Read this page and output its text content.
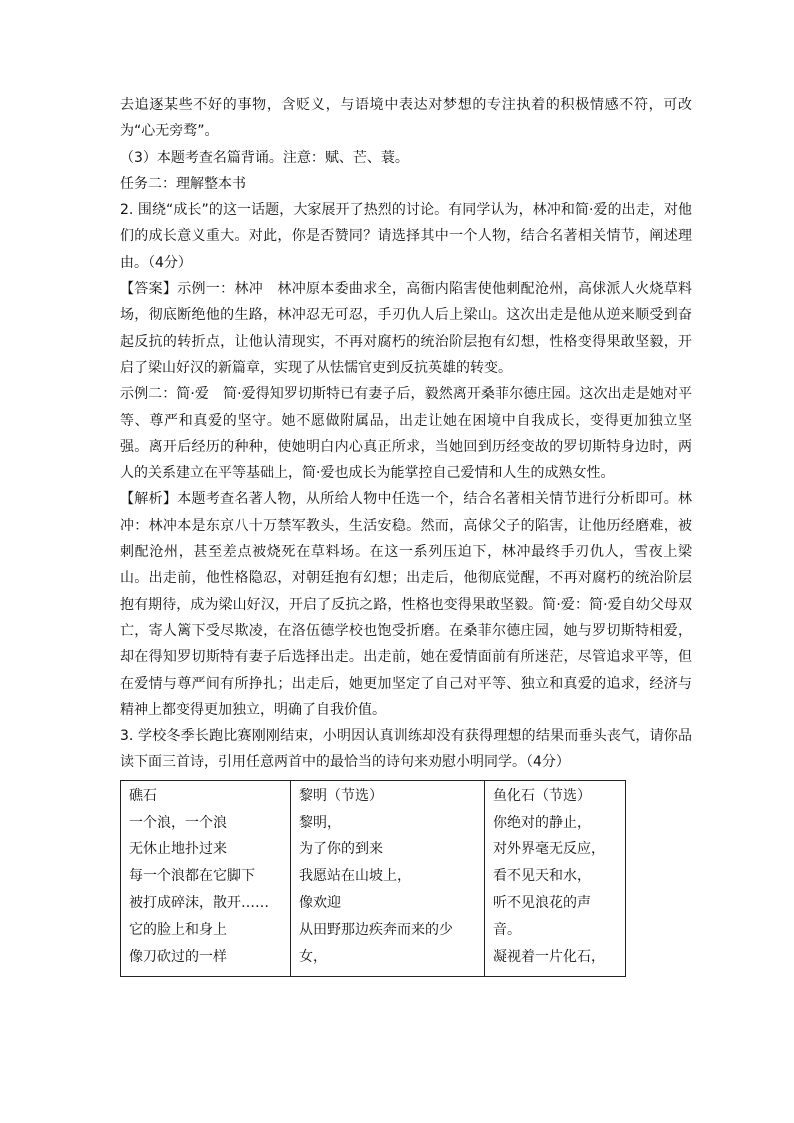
去追逐某些不好的事物，含贬义，与语境中表达对梦想的专注执着的积极情感不符，可改为“心无旁骛”。

（3）本题考查名篇背诵。注意：赋、芒、蓑。

任务二：理解整本书

2. 围绕“成长”的这一话题，大家展开了热烈的讨论。有同学认为，林冲和简·爱的出走，对他们的成长意义重大。对此，你是否赞同？请选择其中一个人物，结合名著相关情节，阐述理由。（4分）

【答案】示例一：林冲　林冲原本委曲求全，高衙内陷害使他刺配沧州，高俅派人火烧草料场，彻底断绝他的生路，林冲忍无可忍，手刃仇人后上梁山。这次出走是他从逆来顺受到奋起反抗的转折点，让他认清现实，不再对腐朽的统治阶层抱有幻想，性格变得果敢坚毅，开启了梁山好汉的新篇章，实现了从怯懦官吏到反抗英雄的转变。

示例二：简·爱　简·爱得知罗切斯特已有妻子后，毅然离开桑菲尔德庄园。这次出走是她对平等、尊严和真爱的坚守。她不愿做附属品，出走让她在困境中自我成长，变得更加独立坚强。离开后经历的种种，使她明白内心真正所求，当她回到历经变故的罗切斯特身边时，两人的关系建立在平等基础上，简·爱也成长为能掌控自己爱情和人生的成熟女性。

【解析】本题考查名著人物，从所给人物中任选一个，结合名著相关情节进行分析即可。林冲：林冲本是东京八十万禁军教头，生活安稳。然而，高俅父子的陷害，让他历经磨难，被刺配沧州，甚至差点被烧死在草料场。在这一系列压迫下，林冲最终手刃仇人，雪夜上梁山。出走前，他性格隐忍，对朝廷抱有幻想；出走后，他彻底觉醒，不再对腐朽的统治阶层抱有期待，成为梁山好汉，开启了反抗之路，性格也变得果敢坚毅。简·爱：简·爱自幼父母双亡，寄人篱下受尽欺凌，在洛伍德学校也饱受折磨。在桑菲尔德庄园，她与罗切斯特相爱，却在得知罗切斯特有妻子后选择出走。出走前，她在爱情面前有所迷茫，尽管追求平等，但在爱情与尊严间有所挣扎；出走后，她更加坚定了自己对平等、独立和真爱的追求，经济与精神上都变得更加独立，明确了自我价值。

3. 学校冬季长跑比赛刚刚结束，小明因认真训练却没有获得理想的结果而垂头丧气，请你品读下面三首诗，引用任意两首中的最恰当的诗句来劝慰小明同学。（4分）

礁石
一个浪，一个浪
无休止地扑过来
每一个浪都在它脚下
被打成碎沫，散开……
它的脸上和身上
像刀砍过的一样

黎明（节选）
黎明，
为了你的到来
我愿站在山坡上，
像欢迎
从田野那边疾奔而来的少
女，

鱼化石（节选）
你绝对的静止，
对外界毫无反应，
看不见天和水，
听不见浪花的声
音。
凝视着一片化石，
